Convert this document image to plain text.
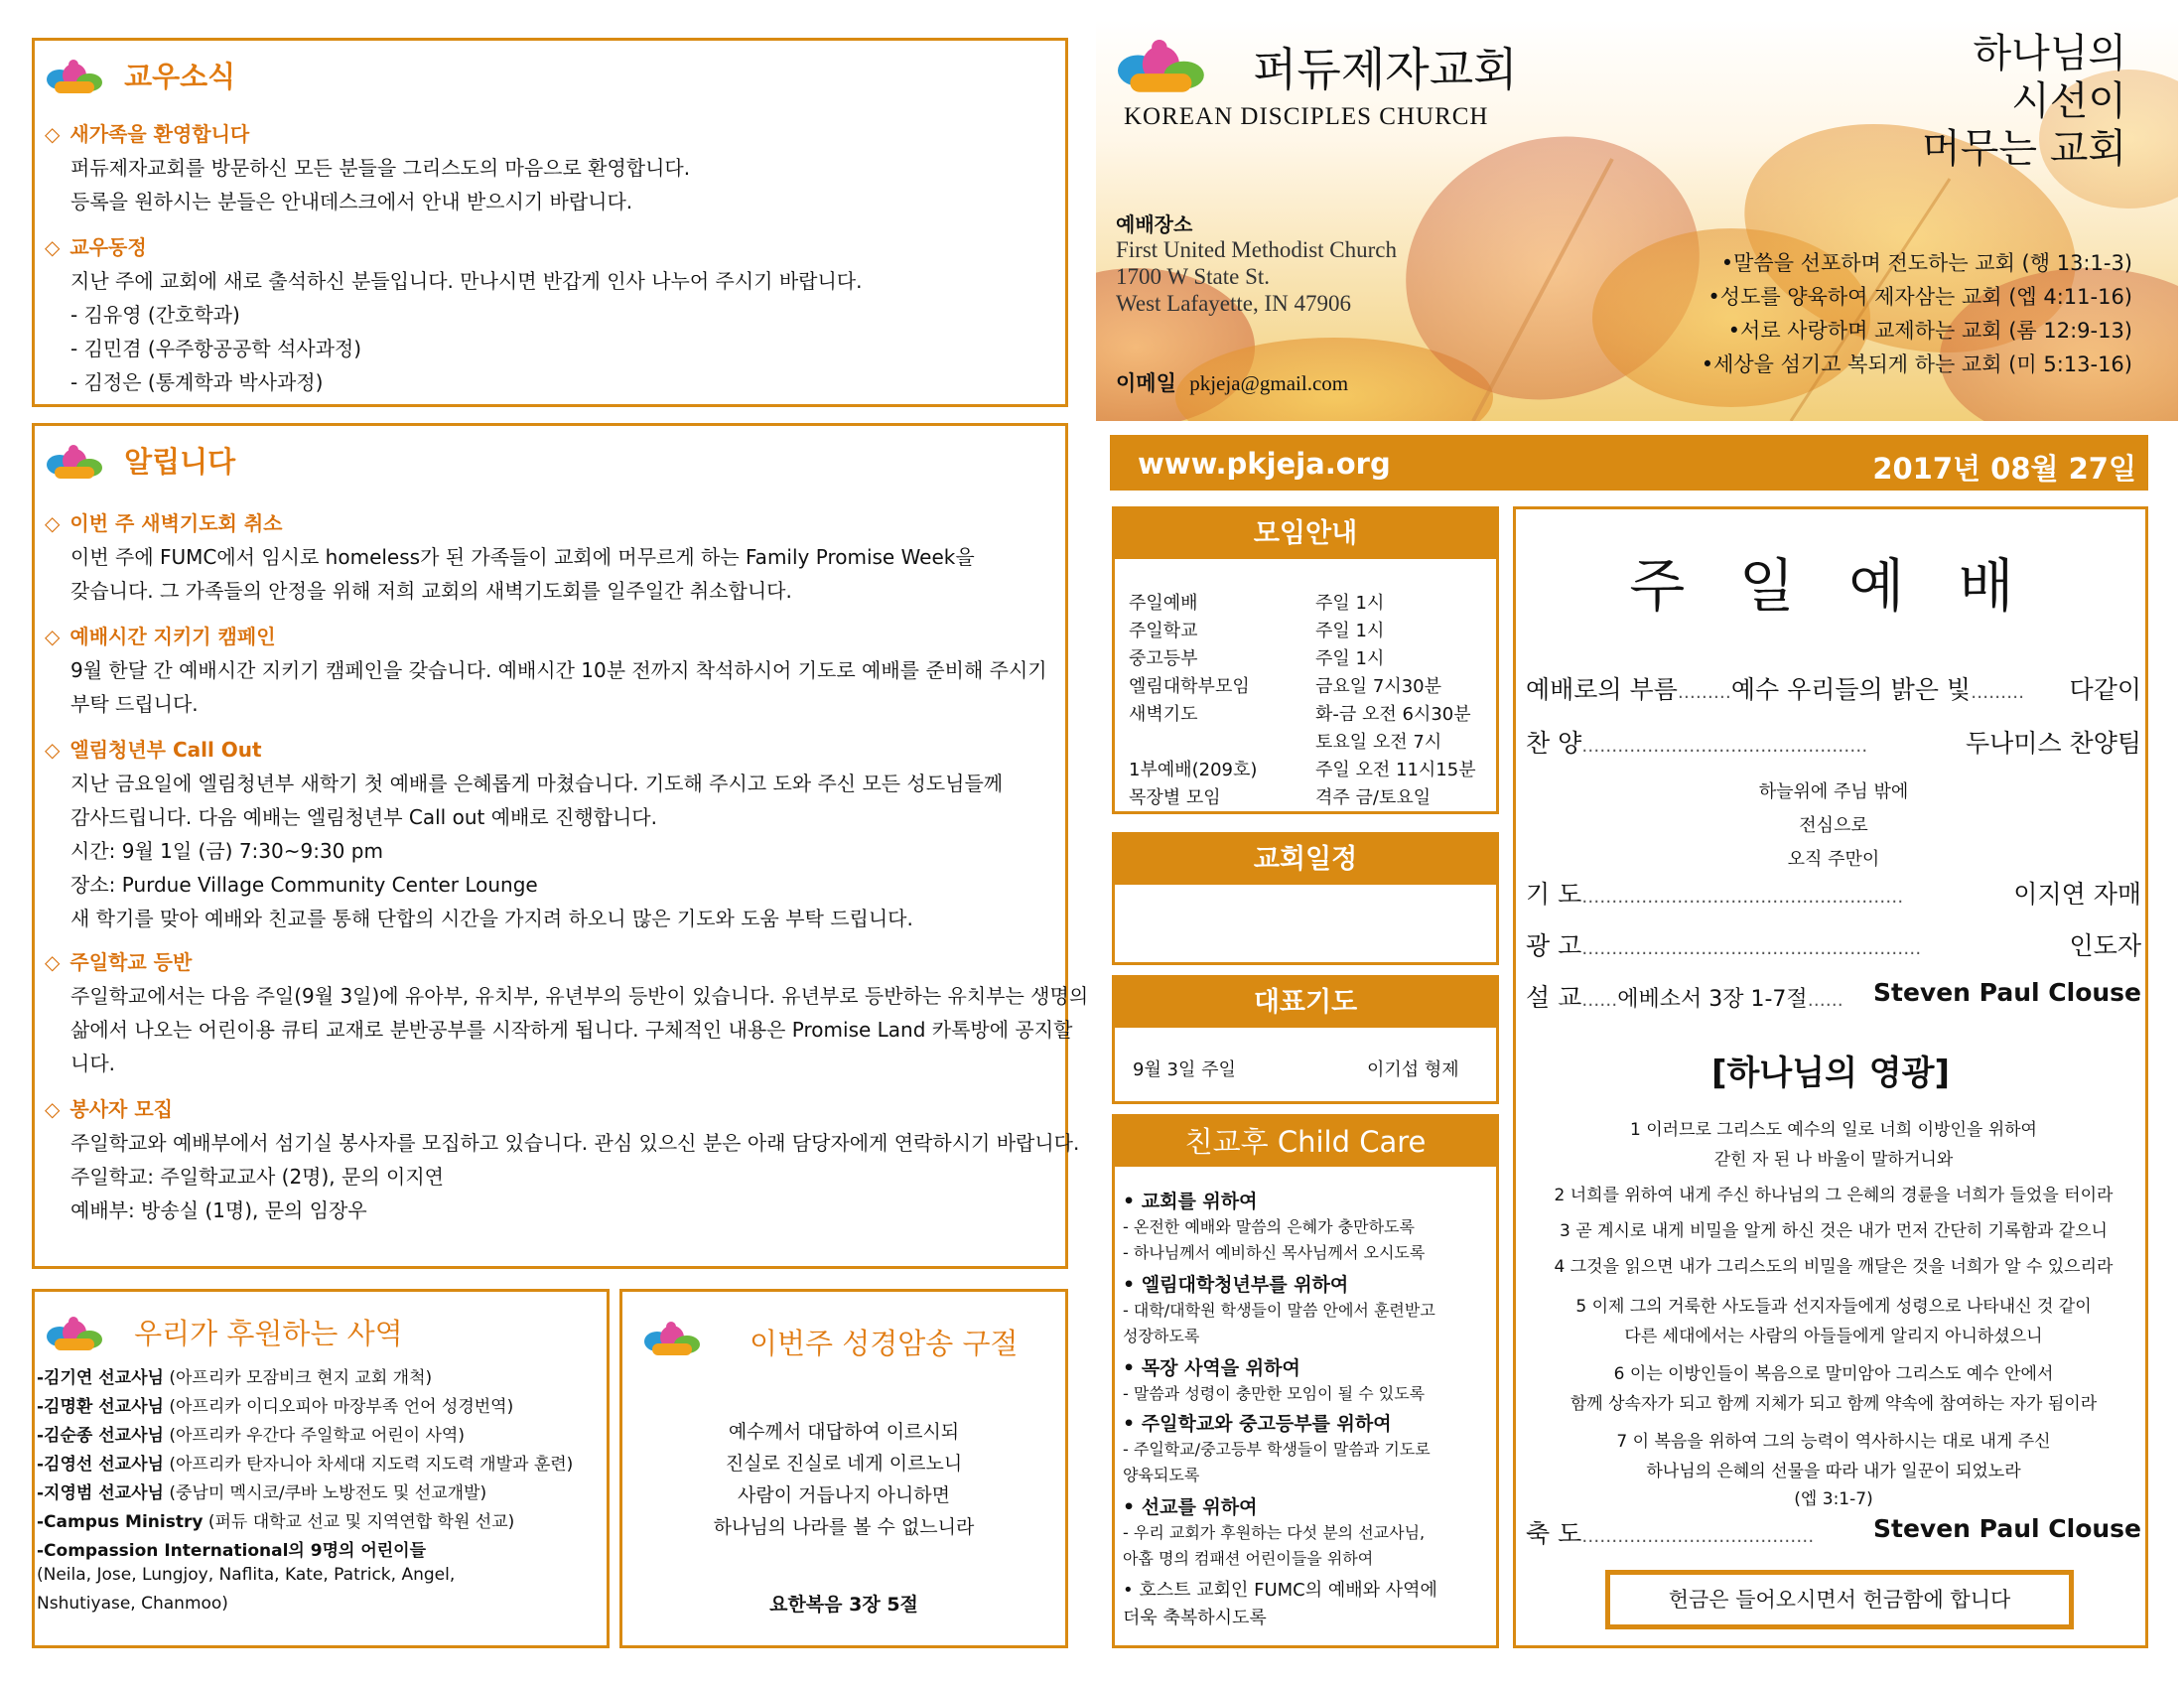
교우소식
◇ 새가족을 환영합니다
퍼듀제자교회를 방문하신 모든 분들을 그리스도의 마음으로 환영합니다.
등록을 원하시는 분들은 안내데스크에서 안내 받으시기 바랍니다.
◇ 교우동정
지난 주에 교회에 새로 출석하신 분들입니다. 만나시면 반갑게 인사 나누어 주시기 바랍니다.
- 김유영 (간호학과)
- 김민겸 (우주항공공학 석사과정)
- 김정은 (통계학과 박사과정)
알립니다
◇ 이번 주 새벽기도회 취소
이번 주에 FUMC에서 임시로 homeless가 된 가족들이 교회에 머무르게 하는 Family Promise Week을
갖습니다. 그 가족들의 안정을 위해 저희 교회의 새벽기도회를 일주일간 취소합니다.
◇ 예배시간 지키기 캠페인
9월 한달 간 예배시간 지키기 캠페인을 갖습니다. 예배시간 10분 전까지 착석하시어 기도로 예배를 준비해 주시기
부탁 드립니다.
◇ 엘림청년부 Call Out
지난 금요일에 엘림청년부 새학기 첫 예배를 은혜롭게 마쳤습니다. 기도해 주시고 도와 주신 모든 성도님들께
감사드립니다. 다음 예배는 엘림청년부 Call out 예배로 진행합니다.
시간: 9월 1일 (금) 7:30~9:30 pm
장소: Purdue Village Community Center Lounge
새 학기를 맞아 예배와 친교를 통해 단합의 시간을 가지려 하오니 많은 기도와 도움 부탁 드립니다.
◇ 주일학교 등반
주일학교에서는 다음 주일(9월 3일)에 유아부, 유치부, 유년부의 등반이 있습니다. 유년부로 등반하는 유치부는 생명의
삶에서 나오는 어린이용 큐티 교재로 분반공부를 시작하게 됩니다. 구체적인 내용은 Promise Land 카톡방에 공지할
니다.
◇ 봉사자 모집
주일학교와 예배부에서 섬기실 봉사자를 모집하고 있습니다. 관심 있으신 분은 아래 담당자에게 연락하시기 바랍니다.
주일학교: 주일학교교사 (2명), 문의 이지연
예배부: 방송실 (1명), 문의 임장우
우리가 후원하는 사역
-김기연 선교사님 (아프리카 모잠비크 현지 교회 개척)
-김명환 선교사님 (아프리카 이디오피아 마장부족 언어 성경번역)
-김순종 선교사님 (아프리카 우간다 주일학교 어린이 사역)
-김영선 선교사님 (아프리카 탄자니아 차세대 지도력 지도력 개발과 훈련)
-지영범 선교사님 (중남미 멕시코/쿠바 노방전도 및 선교개발)
-Campus Ministry (퍼듀 대학교 선교 및 지역연합 학원 선교)
-Compassion International의 9명의 어린이들
(Neila, Jose, Lungjoy, Naflita, Kate, Patrick, Angel,
Nshutiyase, Chanmoo)
이번주 성경암송 구절
예수께서 대답하여 이르시되
진실로 진실로 네게 이르노니
사람이 거듭나지 아니하면
하나님의 나라를 볼 수 없느니라
요한복음 3장 5절
퍼듀제자교회
KOREAN DISCIPLES CHURCH
하나님의
시선이
머무는 교회
예배장소
First United Methodist Church
1700 W State St.
West Lafayette, IN 47906
이메일 pkjeja@gmail.com
•말씀을 선포하며 전도하는 교회 (행 13:1-3)
•성도를 양육하여 제자삼는 교회 (엡 4:11-16)
•서로 사랑하며 교제하는 교회 (롬 12:9-13)
•세상을 섬기고 복되게 하는 교회 (미 5:13-16)
www.pkjeja.org	2017년 08월 27일
모임안내
주일예배	주일 1시
주일학교	주일 1시
중고등부	주일 1시
엘림대학부모임	금요일 7시30분
새벽기도	화-금 오전 6시30분
토요일 오전 7시
1부예배(209호)	주일 오전 11시15분
목장별 모임	격주 금/토요일
교회일정
대표기도
9월 3일 주일	이기섭 형제
친교후 Child Care
• 교회를 위하여
- 온전한 예배와 말씀의 은혜가 충만하도록
- 하나님께서 예비하신 목사님께서 오시도록
• 엘림대학청년부를 위하여
- 대학/대학원 학생들이 말씀 안에서 훈련받고
성장하도록
• 목장 사역을 위하여
- 말씀과 성령이 충만한 모임이 될 수 있도록
• 주일학교와 중고등부를 위하여
- 주일학교/중고등부 학생들이 말씀과 기도로
양육되도록
• 선교를 위하여
- 우리 교회가 후원하는 다섯 분의 선교사님,
아홉 명의 컴패션 어린이들을 위하여
• 호스트 교회인 FUMC의 예배와 사역에
더욱 축복하시도록
주 일 예 배
예배로의 부름………예수 우리들의 밝은 빛……… 다같이
찬 양…………………………………………	두나미스 찬양팀
하늘위에 주님 밖에
전심으로
오직 주만이
기 도………………………………………………	이지연 자매
광 고…………………………………………………	인도자
설 교……에베소서 3장 1-7절…… Steven Paul Clouse
[하나님의 영광]
1 이러므로 그리스도 예수의 일로 너희 이방인을 위하여
갇힌 자 된 나 바울이 말하거니와
2 너희를 위하여 내게 주신 하나님의 그 은혜의 경륜을 너희가 들었을 터이라
3 곧 계시로 내게 비밀을 알게 하신 것은 내가 먼저 간단히 기록함과 같으니
4 그것을 읽으면 내가 그리스도의 비밀을 깨달은 것을 너희가 알 수 있으리라
5 이제 그의 거룩한 사도들과 선지자들에게 성령으로 나타내신 것 같이
다른 세대에서는 사람의 아들들에게 알리지 아니하셨으니
6 이는 이방인들이 복음으로 말미암아 그리스도 예수 안에서
함께 상속자가 되고 함께 지체가 되고 함께 약속에 참여하는 자가 됨이라
7 이 복음을 위하여 그의 능력이 역사하시는 대로 내게 주신
하나님의 은혜의 선물을 따라 내가 일꾼이 되었노라
(엡 3:1-7)
축 도………………………………… Steven Paul Clouse
헌금은 들어오시면서 헌금함에 합니다
